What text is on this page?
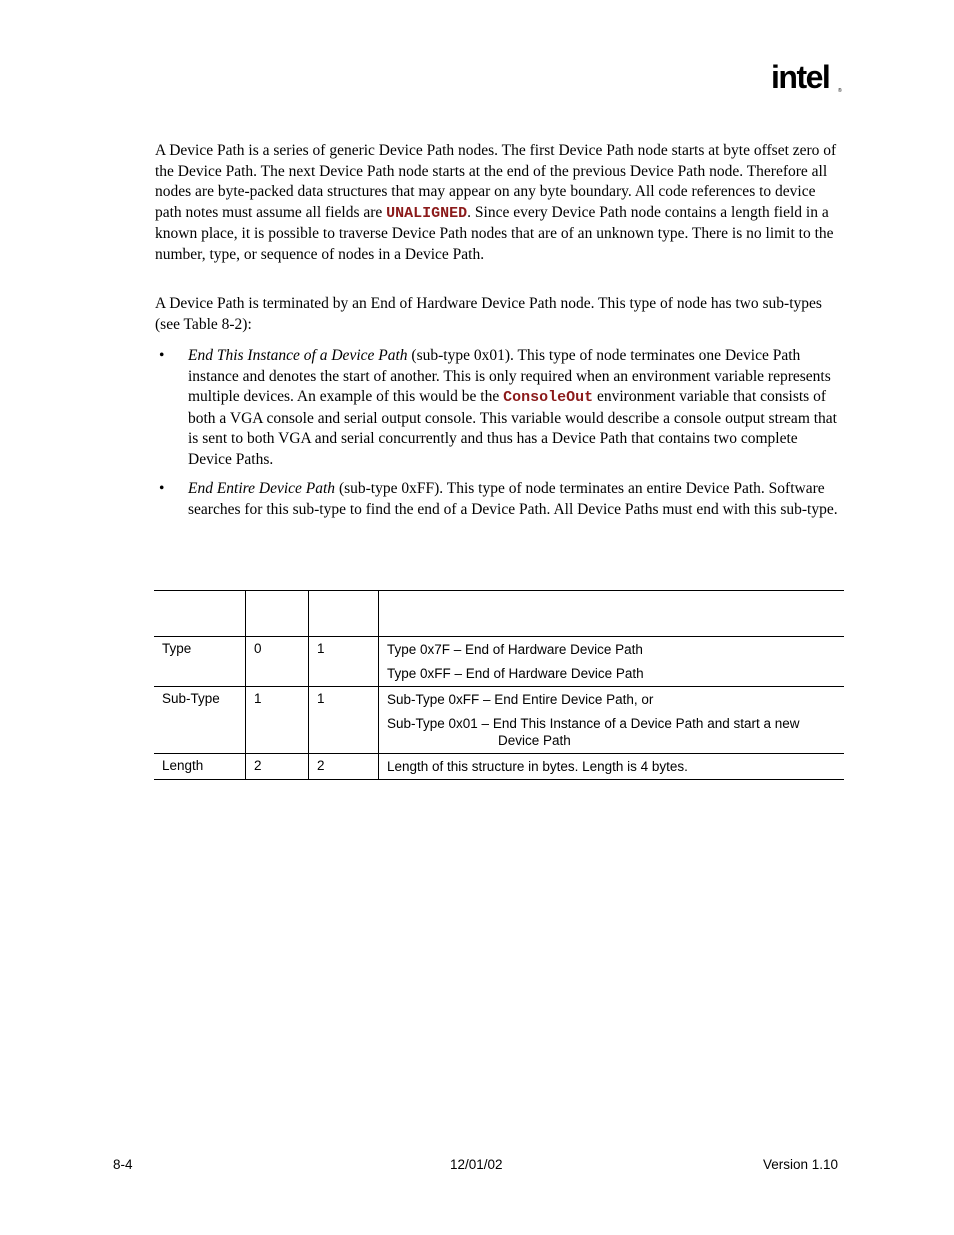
intel ®

A Device Path is a series of generic Device Path nodes. The first Device Path node starts at byte offset zero of the Device Path. The next Device Path node starts at the end of the previous Device Path node. Therefore all nodes are byte-packed data structures that may appear on any byte boundary. All code references to device path notes must assume all fields are UNALIGNED. Since every Device Path node contains a length field in a known place, it is possible to traverse Device Path nodes that are of an unknown type. There is no limit to the number, type, or sequence of nodes in a Device Path.

A Device Path is terminated by an End of Hardware Device Path node. This type of node has two sub-types (see Table 8-2):

• End This Instance of a Device Path (sub-type 0x01). This type of node terminates one Device Path instance and denotes the start of another. This is only required when an environment variable represents multiple devices. An example of this would be the ConsoleOut environment variable that consists of both a VGA console and serial output console. This variable would describe a console output stream that is sent to both VGA and serial concurrently and thus has a Device Path that contains two complete Device Paths.
• End Entire Device Path (sub-type 0xFF). This type of node terminates an entire Device Path. Software searches for this sub-type to find the end of a Device Path. All Device Paths must end with this sub-type.

Type	0	1	Type 0x7F – End of Hardware Device Path
Type 0xFF – End of Hardware Device Path

Sub-Type	1	1	Sub-Type 0xFF – End Entire Device Path, or
Sub-Type 0x01 – End This Instance of a Device Path and start a new
Device Path

Length	2	2	Length of this structure in bytes. Length is 4 bytes.
8-4	12/01/02	Version 1.10
